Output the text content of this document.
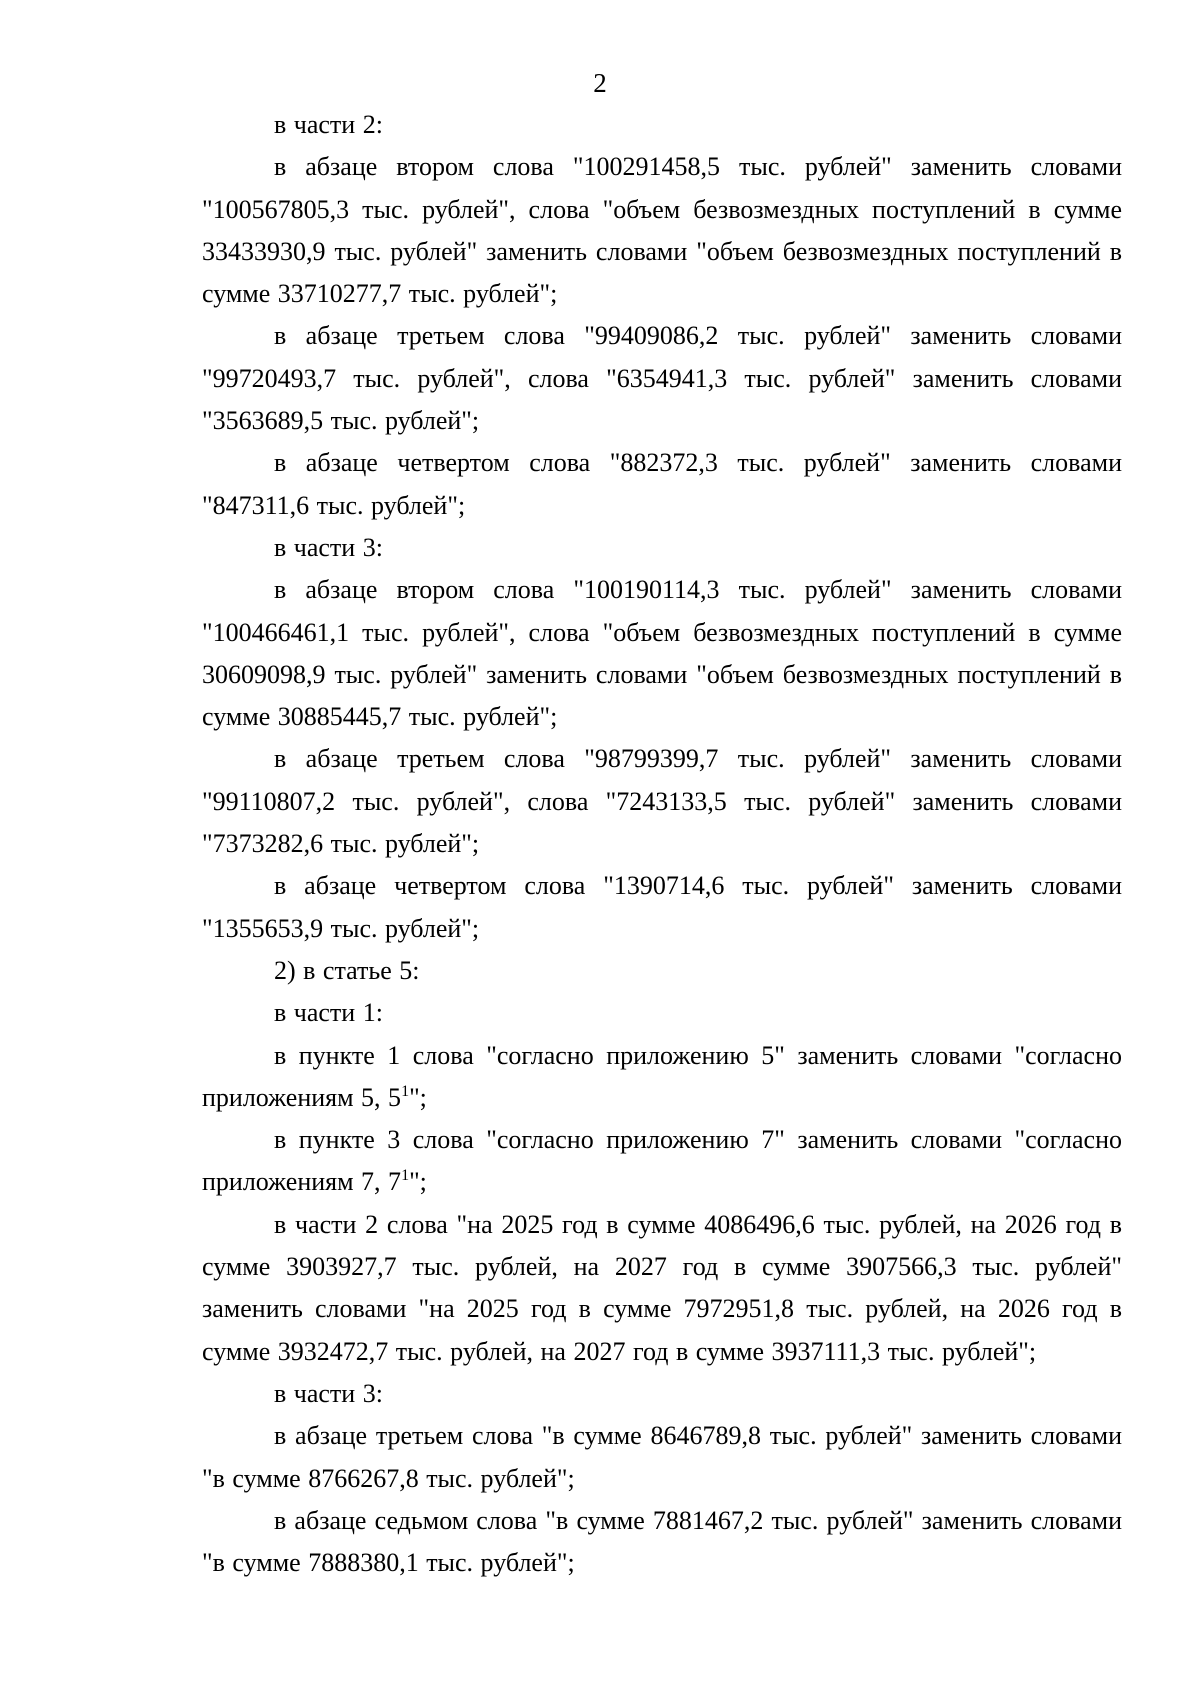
2

в части 2:

в абзаце втором слова "100291458,5 тыс. рублей" заменить словами "100567805,3 тыс. рублей", слова "объем безвозмездных поступлений в сумме 33433930,9 тыс. рублей" заменить словами "объем безвозмездных поступлений в сумме 33710277,7 тыс. рублей";

в абзаце третьем слова "99409086,2 тыс. рублей" заменить словами "99720493,7 тыс. рублей", слова "6354941,3 тыс. рублей" заменить словами "3563689,5 тыс. рублей";

в абзаце четвертом слова "882372,3 тыс. рублей" заменить словами "847311,6 тыс. рублей";

в части 3:

в абзаце втором слова "100190114,3 тыс. рублей" заменить словами "100466461,1 тыс. рублей", слова "объем безвозмездных поступлений в сумме 30609098,9 тыс. рублей" заменить словами "объем безвозмездных поступлений в сумме 30885445,7 тыс. рублей";

в абзаце третьем слова "98799399,7 тыс. рублей" заменить словами "99110807,2 тыс. рублей", слова "7243133,5 тыс. рублей" заменить словами "7373282,6 тыс. рублей";

в абзаце четвертом слова "1390714,6 тыс. рублей" заменить словами "1355653,9 тыс. рублей";

2) в статье 5:

в части 1:

в пункте 1 слова "согласно приложению 5" заменить словами "согласно приложениям 5, $5^1$";

в пункте 3 слова "согласно приложению 7" заменить словами "согласно приложениям 7, $7^1$";

в части 2 слова "на 2025 год в сумме 4086496,6 тыс. рублей, на 2026 год в сумме 3903927,7 тыс. рублей, на 2027 год в сумме 3907566,3 тыс. рублей" заменить словами "на 2025 год в сумме 7972951,8 тыс. рублей, на 2026 год в сумме 3932472,7 тыс. рублей, на 2027 год в сумме 3937111,3 тыс. рублей";

в части 3:

в абзаце третьем слова "в сумме 8646789,8 тыс. рублей" заменить словами "в сумме 8766267,8 тыс. рублей";

в абзаце седьмом слова "в сумме 7881467,2 тыс. рублей" заменить словами "в сумме 7888380,1 тыс. рублей";
